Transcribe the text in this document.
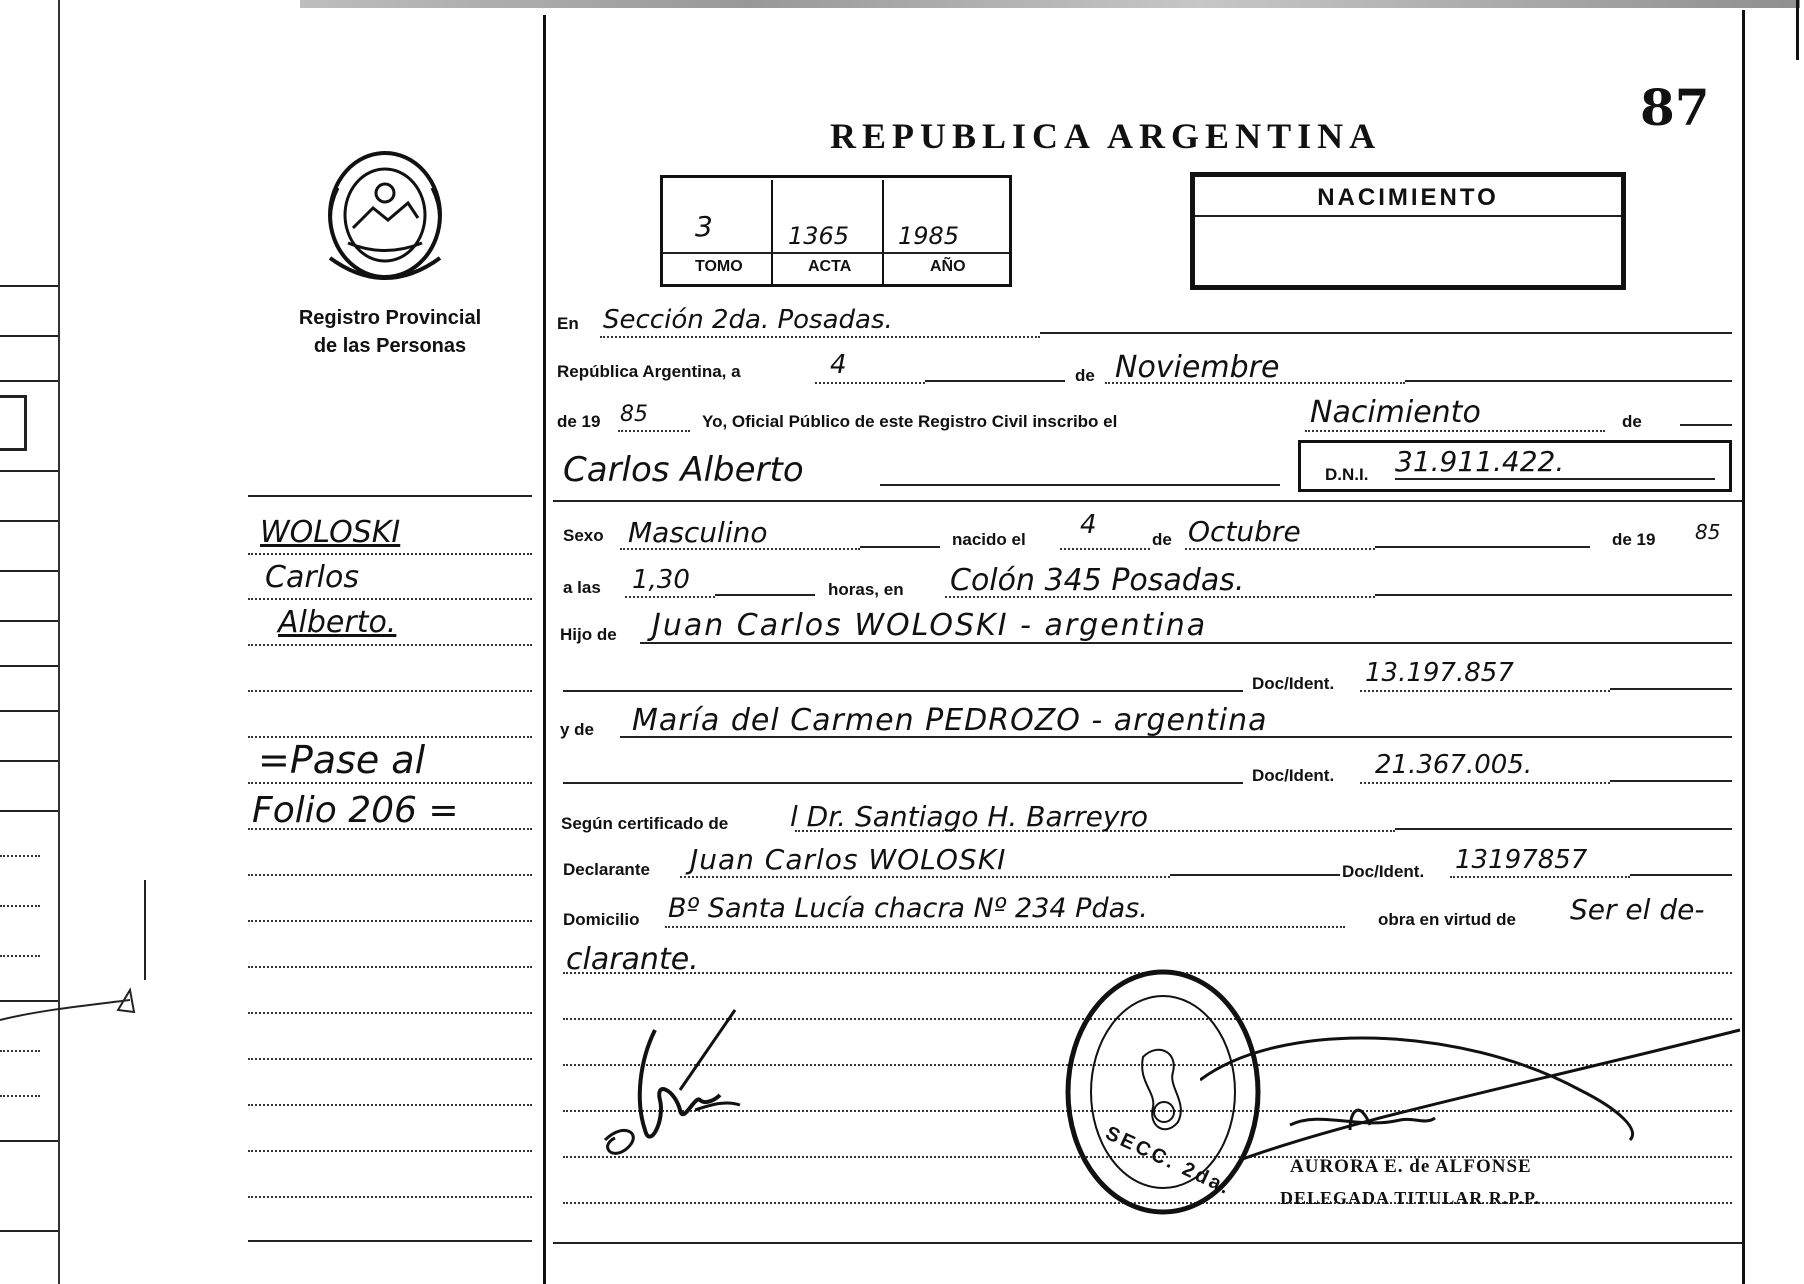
Registro Provincial
de las Personas
WOLOSKI
Carlos
Alberto.
=Pase al
Folio 206 =
87
REPUBLICA ARGENTINA
3	1365 1985
TOMO	ACTA	AÑO
NACIMIENTO
En Sección 2da. Posadas.
República Argentina, a	4	de Noviembre
de 19 85	Yo, Oficial Público de este Registro Civil inscribo el	Nacimiento	de
Carlos Alberto	D.N.I. 31.911.422.
Sexo Masculino	nacido el 4	de Octubre	de 19 85
a las 1,30	horas, en Colón 345 Posadas.
Hijo de Juan Carlos WOLOSKI - argentina
Doc/Ident. 13.197.857
y de María del Carmen PEDROZO - argentina
Doc/Ident. 21.367.005.
Según certificado de l Dr. Santiago H. Barreyro
Declarante Juan Carlos WOLOSKI	Doc/Ident. 13197857
Domicilio Bº Santa Lucía chacra Nº 234 Pdas.	obra en virtud de Ser el de-
clarante.
SECC. 2da.	AURORA E. de ALFONSE
DELEGADA TITULAR R.P.P.
